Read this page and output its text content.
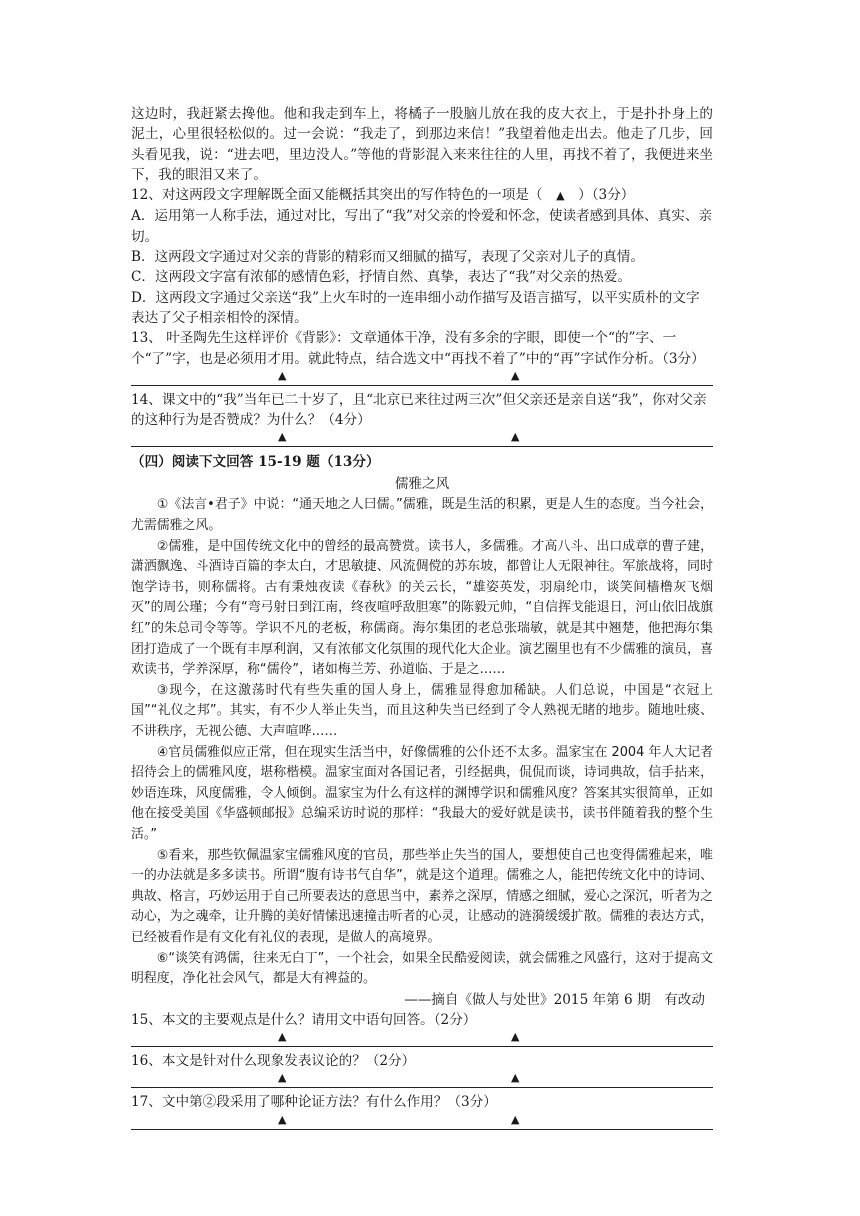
这边时，我赶紧去搀他。他和我走到车上，将橘子一股脑儿放在我的皮大衣上，于是扑扑身上的泥土，心里很轻松似的。过一会说：“我走了，到那边来信！”我望着他走出去。他走了几步，回头看见我，说：“进去吧，里边没人。”等他的背影混入来来往往的人里，再找不着了，我便进来坐下，我的眼泪又来了。

12、对这两段文字理解既全面又能概括其突出的写作特色的一项是（　▲　）（3分）

A．运用第一人称手法，通过对比，写出了“我”对父亲的怜爱和怀念，使读者感到具体、真实、亲切。

B．这两段文字通过对父亲的背影的精彩而又细腻的描写，表现了父亲对儿子的真情。

C．这两段文字富有浓郁的感情色彩，抒情自然、真挚，表达了“我”对父亲的热爱。

D．这两段文字通过父亲送“我”上火车时的一连串细小动作描写及语言描写，以平实质朴的文字表达了父子相亲相怜的深情。

13、 叶圣陶先生这样评价《背影》：文章通体干净，没有多余的字眼，即使一个“的”字、一个“了”字，也是必须用才用。就此特点，结合选文中“再找不着了”中的“再”字试作分析。（3分）

▲	▲

14、课文中的“我”当年已二十岁了，且“北京已来往过两三次”但父亲还是亲自送“我”，你对父亲的这种行为是否赞成？为什么？（4分）

▲	▲

（四）阅读下文回答 15-19 题（13分）

儒雅之风

①《法言•君子》中说：“通天地之人曰儒。”儒雅，既是生活的积累，更是人生的态度。当今社会，尤需儒雅之风。

②儒雅，是中国传统文化中的曾经的最高赞赏。读书人，多儒雅。才高八斗、出口成章的曹子建，潇洒飘逸、斗酒诗百篇的李太白，才思敏捷、风流倜傥的苏东坡，都曾让人无限神往。军旅战将，同时饱学诗书，则称儒将。古有秉烛夜读《春秋》的关云长，“雄姿英发，羽扇纶巾，谈笑间樯橹灰飞烟灭”的周公瑾；今有“弯弓射日到江南，终夜喧呼敌胆寒”的陈毅元帅，“自信挥戈能退日，河山依旧战旗红”的朱总司令等等。学识不凡的老板，称儒商。海尔集团的老总张瑞敏，就是其中翘楚，他把海尔集团打造成了一个既有丰厚利润，又有浓郁文化氛围的现代化大企业。演艺圈里也有不少儒雅的演员，喜欢读书，学养深厚，称“儒伶”，诸如梅兰芳、孙道临、于是之……

③现今，在这激荡时代有些失重的国人身上，儒雅显得愈加稀缺。人们总说，中国是“衣冠上国”“礼仪之邦”。其实，有不少人举止失当，而且这种失当已经到了令人熟视无睹的地步。随地吐痰、不讲秩序，无视公德、大声喧哗……

④官员儒雅似应正常，但在现实生活当中，好像儒雅的公仆还不太多。温家宝在 2004 年人大记者招待会上的儒雅风度，堪称楷模。温家宝面对各国记者，引经据典，侃侃而谈，诗词典故，信手拈来，妙语连珠，风度儒雅，令人倾倒。温家宝为什么有这样的渊博学识和儒雅风度？答案其实很简单，正如他在接受美国《华盛顿邮报》总编采访时说的那样：“我最大的爱好就是读书，读书伴随着我的整个生活。”

⑤看来，那些钦佩温家宝儒雅风度的官员，那些举止失当的国人，要想使自己也变得儒雅起来，唯一的办法就是多多读书。所谓“腹有诗书气自华”，就是这个道理。儒雅之人，能把传统文化中的诗词、典故、格言，巧妙运用于自己所要表达的意思当中，素养之深厚，情感之细腻，爱心之深沉，听者为之动心，为之魂牵，让升腾的美好情愫迅速撞击听者的心灵，让感动的涟漪缓缓扩散。儒雅的表达方式，已经被看作是有文化有礼仪的表现，是做人的高境界。

⑥“谈笑有鸿儒，往来无白丁”，一个社会，如果全民酷爱阅读，就会儒雅之风盛行，这对于提高文明程度，净化社会风气，都是大有裨益的。

——摘自《做人与处世》2015 年第 6 期　有改动

15、本文的主要观点是什么？请用文中语句回答。（2分）

▲	▲

16、本文是针对什么现象发表议论的？（2分）

▲	▲

17、文中第②段采用了哪种论证方法？有什么作用？（3分）

▲	▲
